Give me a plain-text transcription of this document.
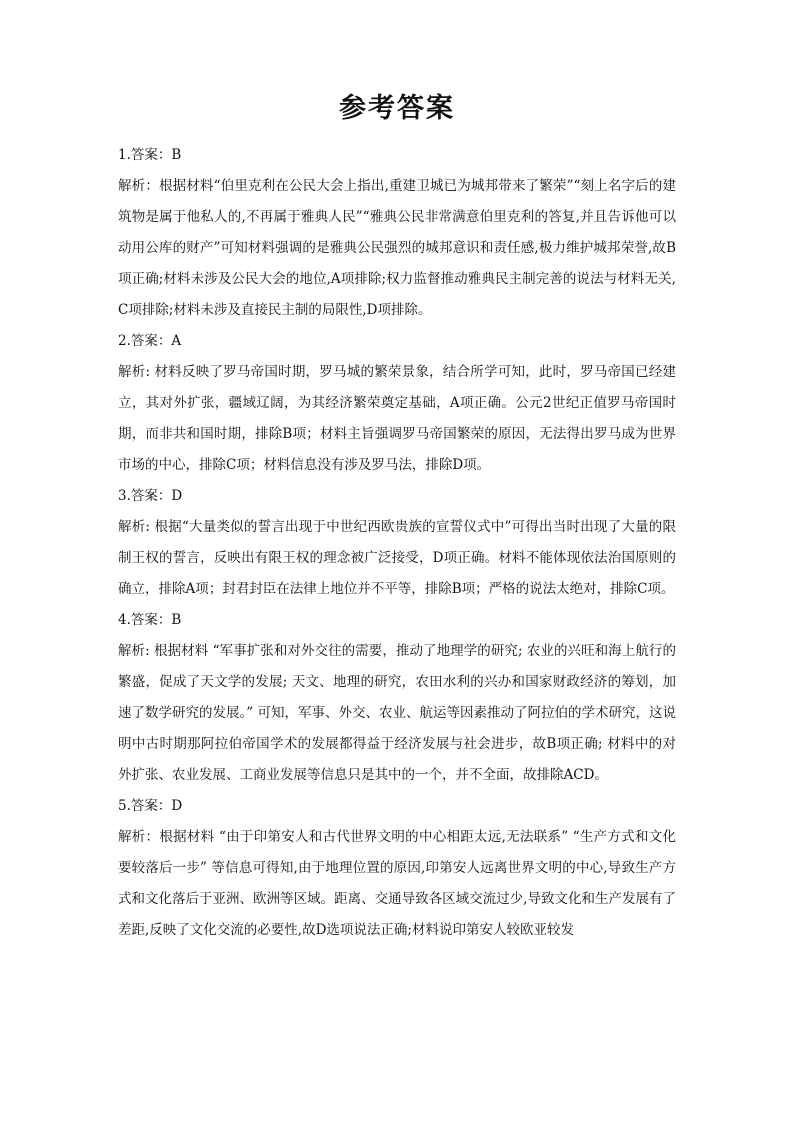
参考答案

1.答案：B

解析：根据材料“伯里克利在公民大会上指出,重建卫城已为城邦带来了繁荣”“刻上名字后的建筑物是属于他私人的,不再属于雅典人民”“雅典公民非常满意伯里克利的答复,并且告诉他可以动用公库的财产”可知材料强调的是雅典公民强烈的城邦意识和责任感,极力维护城邦荣誉,故B项正确;材料未涉及公民大会的地位,A项排除;权力监督推动雅典民主制完善的说法与材料无关,C项排除;材料未涉及直接民主制的局限性,D项排除。

2.答案：A

解析: 材料反映了罗马帝国时期，罗马城的繁荣景象，结合所学可知，此时，罗马帝国已经建立，其对外扩张，疆域辽阔，为其经济繁荣奠定基础，A项正确。公元2世纪正值罗马帝国时期，而非共和国时期，排除B项；材料主旨强调罗马帝国繁荣的原因，无法得出罗马成为世界市场的中心，排除C项；材料信息没有涉及罗马法，排除D项。

3.答案：D

解析: 根据“大量类似的誓言出现于中世纪西欧贵族的宣誓仪式中”可得出当时出现了大量的限制王权的誓言，反映出有限王权的理念被广泛接受，D项正确。材料不能体现依法治国原则的确立，排除A项；封君封臣在法律上地位并不平等，排除B项；严格的说法太绝对，排除C项。

4.答案：B

解析: 根据材料 “军事扩张和对外交往的需要，推动了地理学的研究; 农业的兴旺和海上航行的繁盛，促成了天文学的发展; 天文、地理的研究，农田水利的兴办和国家财政经济的筹划，加速了数学研究的发展。” 可知，军事、外交、农业、航运等因素推动了阿拉伯的学术研究，这说明中古时期那阿拉伯帝国学术的发展都得益于经济发展与社会进步，故B项正确; 材料中的对外扩张、农业发展、工商业发展等信息只是其中的一个，并不全面，故排除ACD。

5.答案：D

解析：根据材料 “由于印第安人和古代世界文明的中心相距太远,无法联系” “生产方式和文化要较落后一步” 等信息可得知,由于地理位置的原因,印第安人远离世界文明的中心,导致生产方式和文化落后于亚洲、欧洲等区域。距离、交通导致各区域交流过少,导致文化和生产发展有了差距,反映了文化交流的必要性,故D选项说法正确;材料说印第安人较欧亚较发
